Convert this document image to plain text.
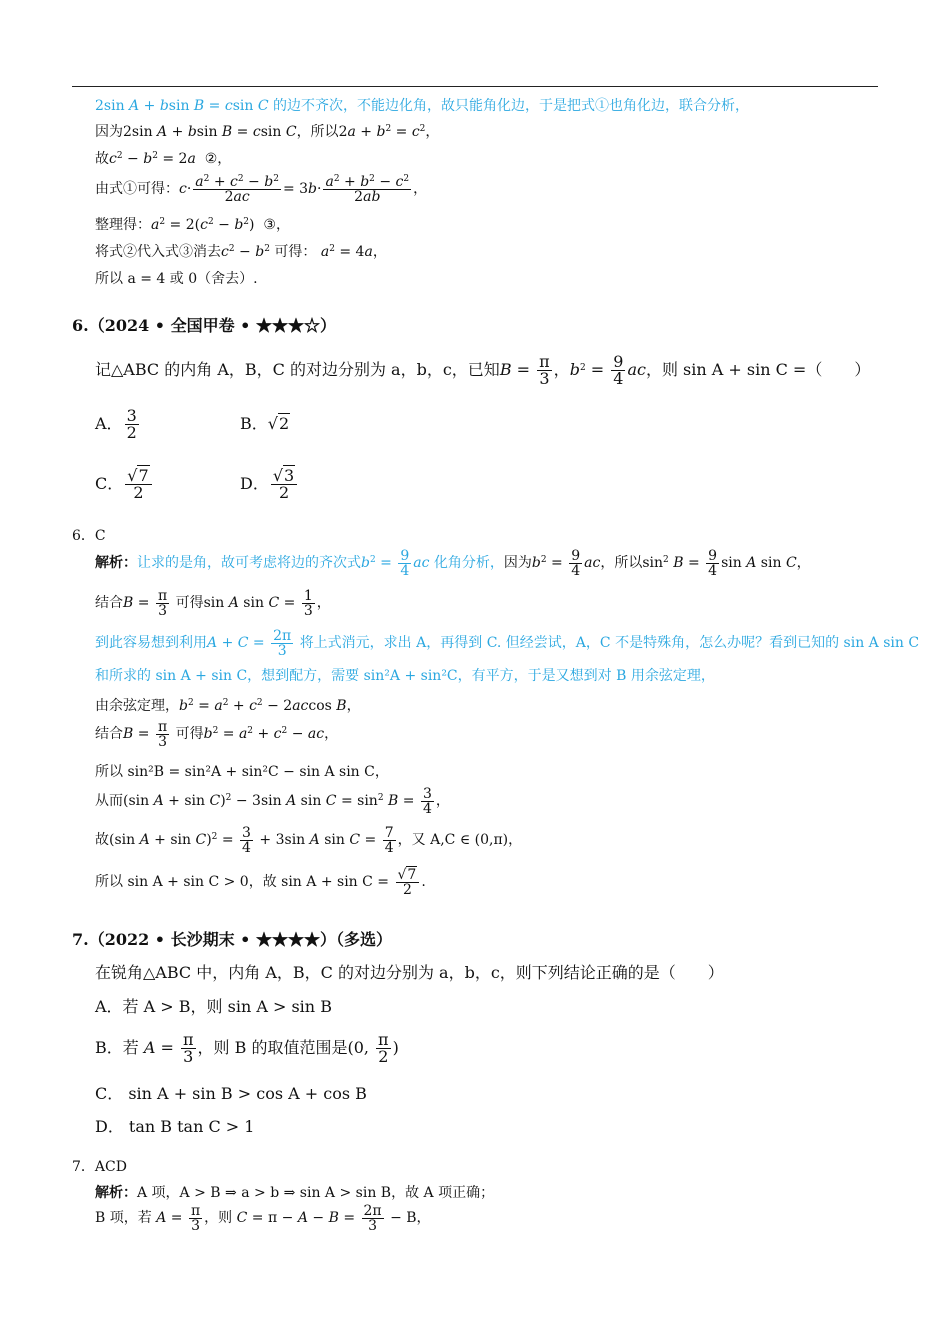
2sin A + bsin B = csin C 的边不齐次，不能边化角，故只能角化边，于是把式①也角化边，联合分析，
因为2sin A + bsin B = csin C，所以$2a + b^2 = c^2$，
故$c^2 - b^2 = 2a$ ②，
由式①可得：$c\cdot \frac{a^2 + c^2 - b^2}{2ac} = 3b\cdot \frac{a^2 + b^2 - c^2}{2ab}$ ，
整理得：$a^2 = 2(c^2 - b^2)$  ③，
将式②代入式③消去$c^2 - b^2$ 可得： $a^2 = 4a$，
所以 a = 4 或 0（舍去）.
6.（2024 • 全国甲卷 • ★★★☆）
记△ABC 的内角 A，B，C 的对边分别为 a，b，c，已知$B = \frac{\pi}{3}$ ，$b^2 = \frac{9}{4}$ ac，则 sin A + sin C =（　　）
A． $\frac{3}{2}$	B．√2
C． $\frac{√7}{2}$	D． $\frac{√3}{2}$
6．C
解析：让求的是角，故可考虑将边的齐次式$b^2 = \frac{9}{4}$ ac 化角分析，因为$b^2 = \frac{9}{4}$ ac，所以$\sin^2 B = \frac{9}{4}$ sin A sin C，
结合$B = \frac{\pi}{3}$ 可得sin A $\sin C = \frac{1}{3}$ ，
到此容易想到利用$A + C = \frac{2\pi}{3}$ 将上式消元，求出 A，再得到 C. 但经尝试，A，C 不是特殊角，怎么办呢？看到已知的 sin A sin C
和所求的 sin A + sin C，想到配方，需要 sin²A + sin²C，有平方，于是又想到对 B 用余弦定理，
由余弦定理，$b^2 = a^2 + c^2 - 2accos$ B，
结合$B = \frac{\pi}{3}$ 可得$b^2 = a^2 + c^2$ − ac，
所以 sin²B = sin²A + sin²C − sin A sin C，
从而(sin A + sin C)$^2$ − 3sin A $\sin C = \sin^2 B = \frac{3}{4}$ ，
故(sin $A + \sin C)^2 = \frac{3}{4} + 3\sin$ A $\sin C = \frac{7}{4}$ ，又 A,C ∈ (0,π)，
所以 sin A + sin C > 0，故 $\sin A + \sin C = \frac{√7}{2}$ .
7.（2022 • 长沙期末 • ★★★★）（多选）
在锐角△ABC 中，内角 A，B，C 的对边分别为 a，b，c，则下列结论正确的是（　　）
A．若 A > B，则 sin A > sin B
B．若 $A = \frac{\pi}{3}$ ，则 B 的取值范围是(0, $\frac{\pi}{2}$ )
C． sin A + sin B > cos A + cos B
D． tan B tan C > 1
7．ACD
解析：A 项，A > B ⇒ a > b ⇒ sin A > sin B，故 A 项正确；
B 项，若 $A = \frac{\pi}{3}$ ，则 $C = \pi - A - B = \frac{2\pi}{3} - B$，
